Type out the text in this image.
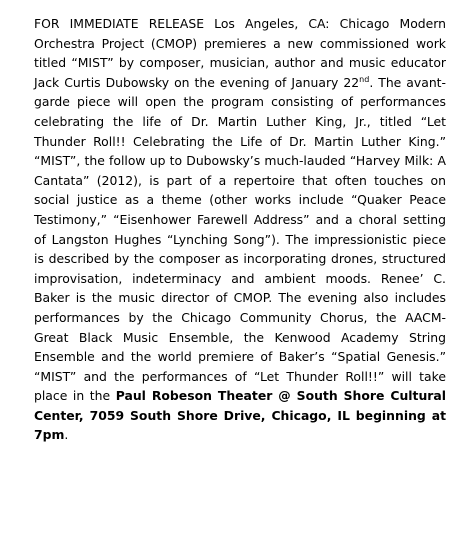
FOR IMMEDIATE RELEASE Los Angeles, CA: Chicago Modern Orchestra Project (CMOP) premieres a new commissioned work titled “MIST” by composer, musician, author and music educator Jack Curtis Dubowsky on the evening of January 22nd. The avant-garde piece will open the program consisting of performances celebrating the life of Dr. Martin Luther King, Jr., titled “Let Thunder Roll!! Celebrating the Life of Dr. Martin Luther King.” “MIST”, the follow up to Dubowsky’s much-lauded “Harvey Milk: A Cantata” (2012), is part of a repertoire that often touches on social justice as a theme (other works include “Quaker Peace Testimony,” “Eisenhower Farewell Address” and a choral setting of Langston Hughes “Lynching Song”). The impressionistic piece is described by the composer as incorporating drones, structured improvisation, indeterminacy and ambient moods. Renee’ C. Baker is the music director of CMOP. The evening also includes performances by the Chicago Community Chorus, the AACM-Great Black Music Ensemble, the Kenwood Academy String Ensemble and the world premiere of Baker’s “Spatial Genesis.” “MIST” and the performances of “Let Thunder Roll!!” will take place in the Paul Robeson Theater @ South Shore Cultural Center, 7059 South Shore Drive, Chicago, IL beginning at 7pm.
